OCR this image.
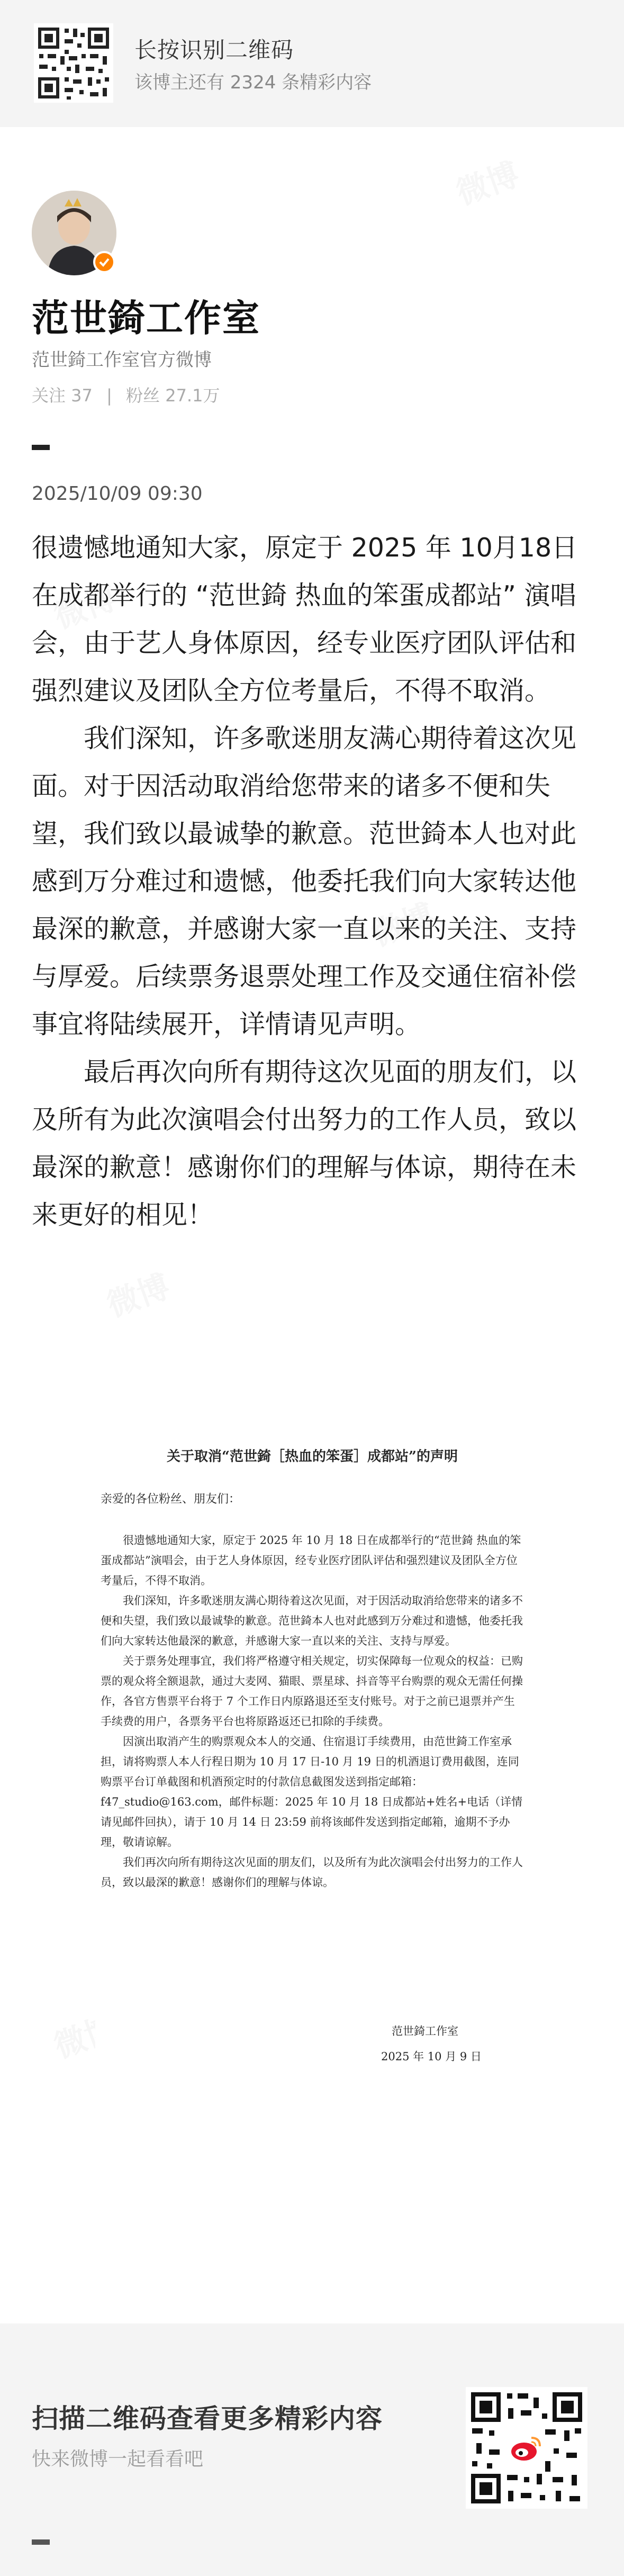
长按识别二维码
该博主还有 2324 条精彩内容
范世錡工作室
范世錡工作室官方微博
关注 37 | 粉丝 27.1万
2025/10/09 09:30

很遗憾地通知大家，原定于 2025 年 10月18日在成都举行的 “范世錡 热血的笨蛋成都站” 演唱会，由于艺人身体原因，经专业医疗团队评估和强烈建议及团队全方位考量后，不得不取消。

我们深知，许多歌迷朋友满心期待着这次见面。对于因活动取消给您带来的诸多不便和失望，我们致以最诚挚的歉意。范世錡本人也对此感到万分难过和遗憾，他委托我们向大家转达他最深的歉意，并感谢大家一直以来的关注、支持与厚爱。后续票务退票处理工作及交通住宿补偿事宜将陆续展开，详情请见声明。

最后再次向所有期待这次见面的朋友们，以及所有为此次演唱会付出努力的工作人员，致以最深的歉意！感谢你们的理解与体谅，期待在未来更好的相见！

关于取消“范世錡［热血的笨蛋］成都站”的声明
亲爱的各位粉丝、朋友们：

很遗憾地通知大家，原定于 2025 年 10 月 18 日在成都举行的“范世錡 热血的笨蛋成都站”演唱会，由于艺人身体原因，经专业医疗团队评估和强烈建议及团队全方位考量后，不得不取消。

我们深知，许多歌迷朋友满心期待着这次见面，对于因活动取消给您带来的诸多不便和失望，我们致以最诚挚的歉意。范世錡本人也对此感到万分难过和遗憾，他委托我们向大家转达他最深的歉意，并感谢大家一直以来的关注、支持与厚爱。

关于票务处理事宜，我们将严格遵守相关规定，切实保障每一位观众的权益：已购票的观众将全额退款，通过大麦网、猫眼、票星球、抖音等平台购票的观众无需任何操作，各官方售票平台将于 7 个工作日内原路退还至支付账号。对于之前已退票并产生手续费的用户，各票务平台也将原路返还已扣除的手续费。

因演出取消产生的购票观众本人的交通、住宿退订手续费用，由范世錡工作室承担，请将购票人本人行程日期为 10 月 17 日-10 月 19 日的机酒退订费用截图，连同购票平台订单截图和机酒预定时的付款信息截图发送到指定邮箱：f47_studio@163.com，邮件标题：2025 年 10 月 18 日成都站+姓名+电话（详情请见邮件回执），请于 10 月 14 日 23:59 前将该邮件发送到指定邮箱，逾期不予办理，敬请谅解。

我们再次向所有期待这次见面的朋友们，以及所有为此次演唱会付出努力的工作人员，致以最深的歉意！感谢你们的理解与体谅。

范世錡工作室
2025 年 10 月 9 日
扫描二维码查看更多精彩内容
快来微博一起看看吧
